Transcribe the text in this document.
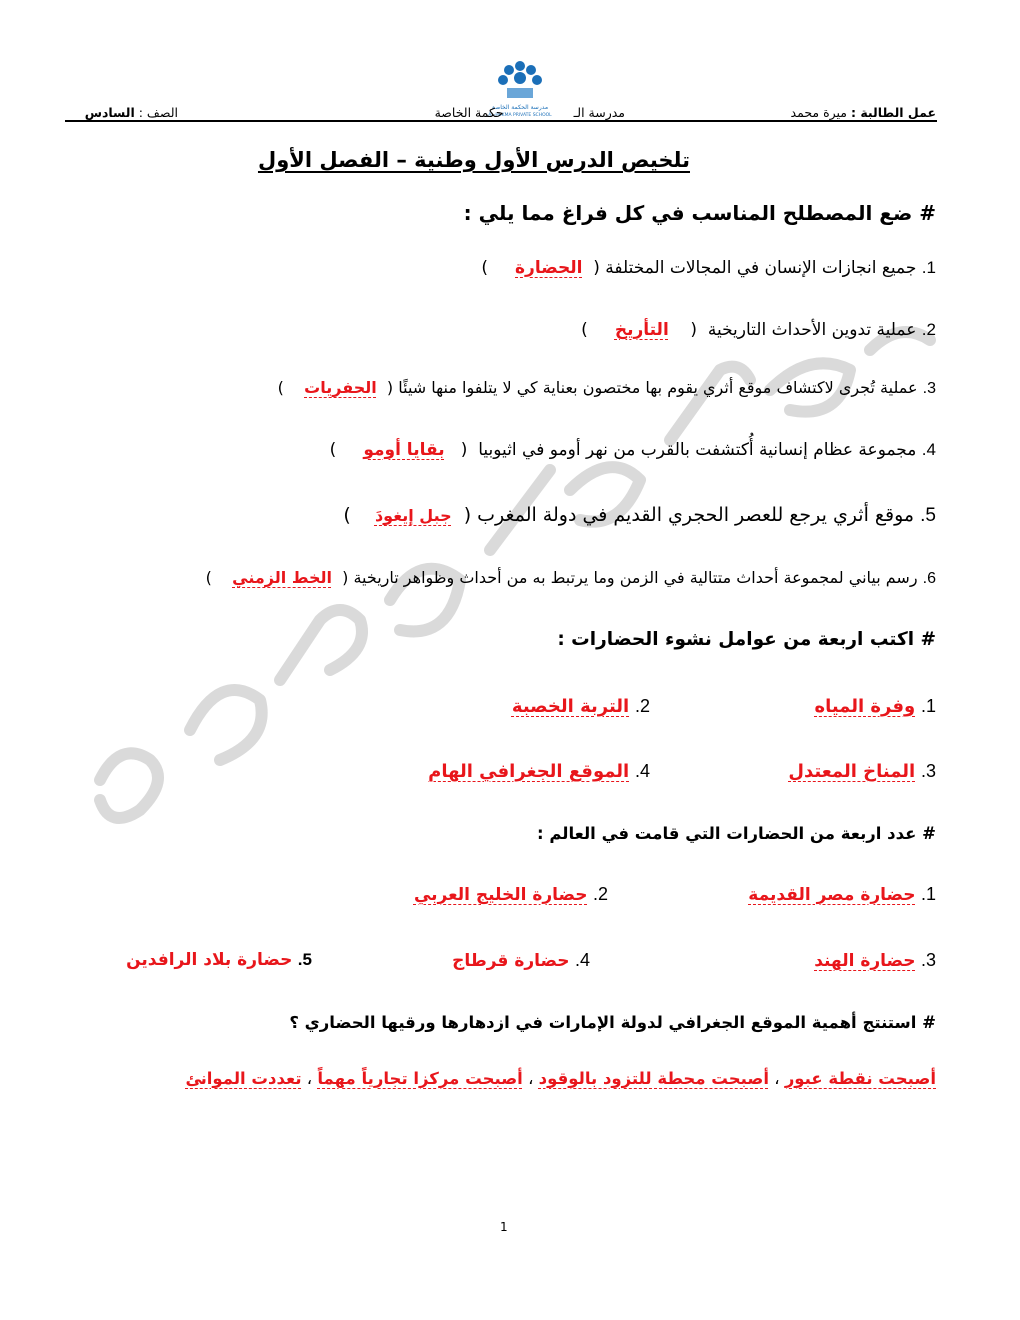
مدرسة الحكمة الخاصة
AL-HEKMA PRIVATE SCHOOL	عمل الطالبة : ميرة محمد
مدرسة الـحكمة الخاصة
الصف : السادس
تلخيص الدرس الأول وطنية – الفصل الأول
# ضع المصطلح المناسب في كل فراغ مما يلي :
1. جميع انجازات الإنسان في المجالات المختلفة (  الحضارة     )
2. عملية تدوين الأحداث التاريخية  (    التأريخ     )
3. عملية تُجرى لاكتشاف موقع أثري يقوم بها مختصون بعناية كي لا يتلفوا منها شيئًا (  الحفريات    )
4. مجموعة عظام إنسانية أُكتشفت بالقرب من نهر أومو في اثيوبيا  (   بقايا أومو     )
5. موقع أثري يرجع للعصر الحجري القديم في دولة المغرب (  جبل إيغودَ    )
6. رسم بياني لمجموعة أحداث متتالية في الزمن وما يرتبط به من أحداث وظواهر تاريخية (  الخط الزمني    )
# اكتب اربعة من عوامل نشوء الحضارات :
1. وفرة المياه
2. التربة الخصبة
3. المناخ المعتدل
4. الموقع الجغرافي الهام
# عدد اربعة من الحضارات التي قامت في العالم :
1. حضارة مصر القديمة
2. حضارة الخليج العربي
3. حضارة الهند
4. حضارة قرطاج
5. حضارة بلاد الرافدين
# استنتج أهمية الموقع الجغرافي لدولة الإمارات في ازدهارها ورقيها الحضاري ؟
أصبحت نقطة عبور ، أصبحت محطة للتزود بالوقود ، أصبحت مركزا تجارياً مهماً ، تعددت الموانئ
1
